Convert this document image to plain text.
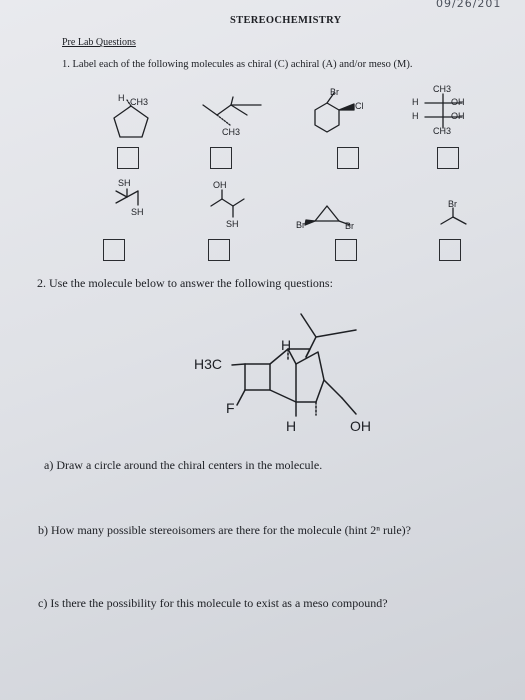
09/26/201
STEREOCHEMISTRY
Pre Lab Questions
1. Label each of the following molecules as chiral (C) achiral (A) and/or meso (M).
H CH3
CH3
Br
Cl
CH3
H	OH
H	OH
CH3
SH
SH
OH
SH	Br	Br
Br
2. Use the molecule below to answer the following questions:
H3C
H
F
H	OH
a) Draw a circle around the chiral centers in the molecule.
b) How many possible stereoisomers are there for the molecule (hint 2ⁿ rule)?
c) Is there the possibility for this molecule to exist as a meso compound?
